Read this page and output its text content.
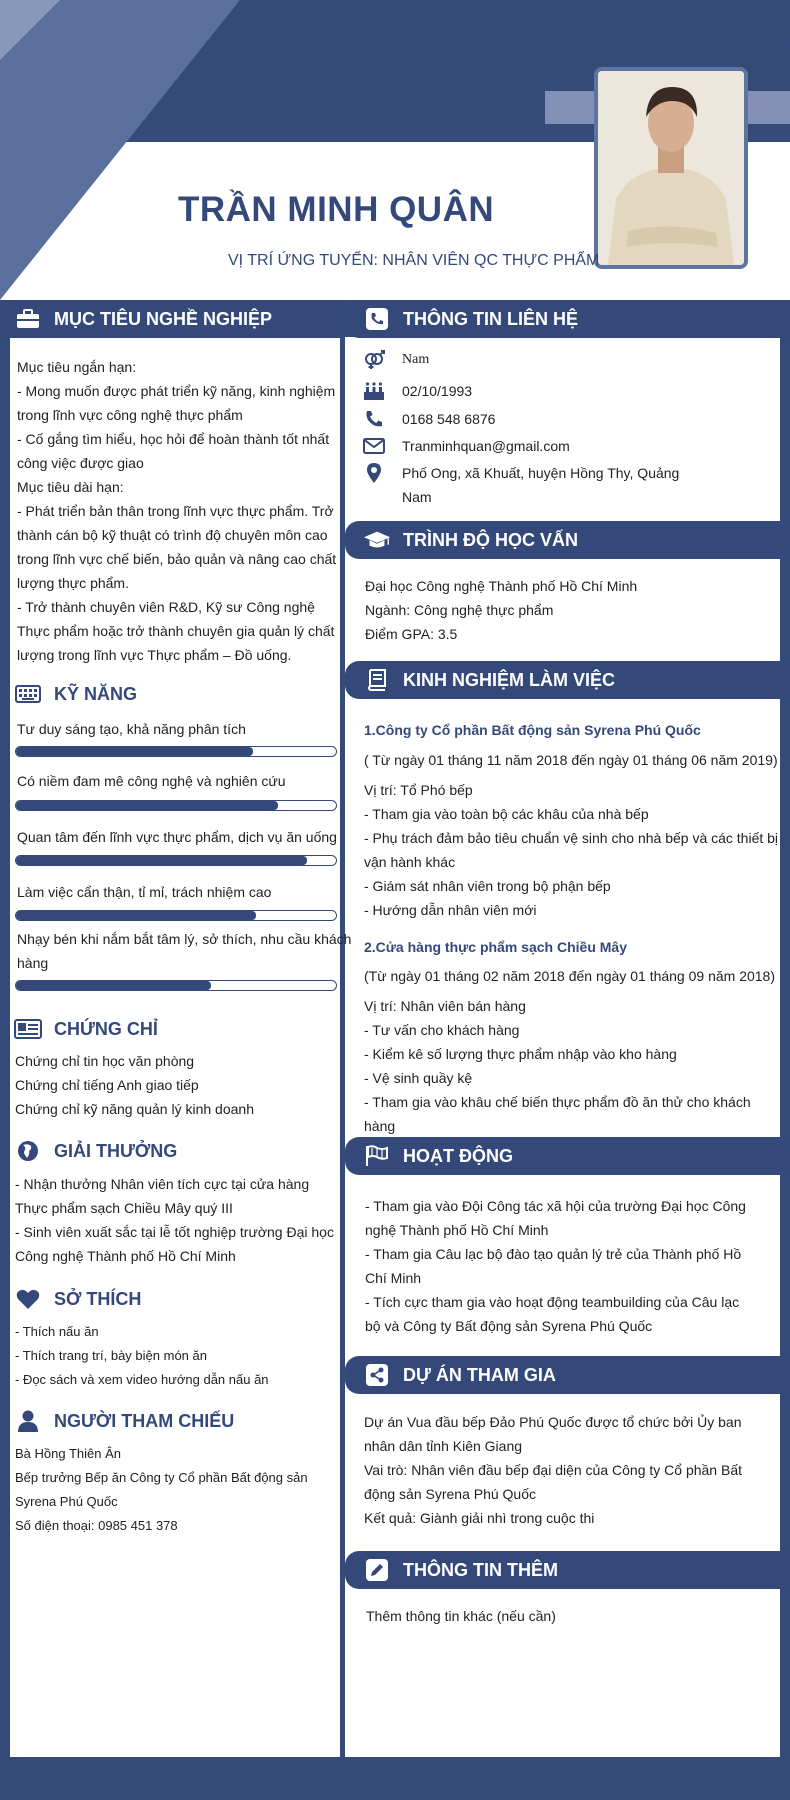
TRẦN MINH QUÂN
VỊ TRÍ ỨNG TUYỂN: NHÂN VIÊN QC THỰC PHẨM
MỤC TIÊU NGHỀ NGHIỆP

Mục tiêu ngắn hạn:

- Mong muốn được phát triển kỹ năng, kinh nghiệm trong lĩnh vực công nghệ thực phẩm

- Cố gắng tìm hiểu, học hỏi để hoàn thành tốt nhất công việc được giao

Mục tiêu dài hạn:

- Phát triển bản thân trong lĩnh vực thực phẩm. Trở thành cán bộ kỹ thuật có trình độ chuyên môn cao trong lĩnh vực chế biến, bảo quản và nâng cao chất lượng thực phẩm.

- Trở thành chuyên viên R&D, Kỹ sư Công nghệ Thực phẩm hoặc trở thành chuyên gia quản lý chất lượng trong lĩnh vực Thực phẩm – Đồ uống.

KỸ NĂNG
Tư duy sáng tạo, khả năng phân tích
Có niềm đam mê công nghệ và nghiên cứu
Quan tâm đến lĩnh vực thực phẩm, dịch vụ ăn uống
Làm việc cẩn thận, tỉ mỉ, trách nhiệm cao
Nhạy bén khi nắm bắt tâm lý, sở thích, nhu cầu khách hàng
CHỨNG CHỈ

Chứng chỉ tin học văn phòng

Chứng chỉ tiếng Anh giao tiếp

Chứng chỉ kỹ năng quản lý kinh doanh

GIẢI THƯỞNG

- Nhận thưởng Nhân viên tích cực tại cửa hàng Thực phẩm sạch Chiều Mây quý III

- Sinh viên xuất sắc tại lễ tốt nghiệp trường Đại học Công nghệ Thành phố Hồ Chí Minh

SỞ THÍCH

- Thích nấu ăn

- Thích trang trí, bày biện món ăn

- Đọc sách và xem video hướng dẫn nấu ăn

NGƯỜI THAM CHIẾU

Bà Hồng Thiên Ân

Bếp trưởng Bếp ăn Công ty Cổ phần Bất động sản Syrena Phú Quốc

Số điện thoại: 0985 451 378

THÔNG TIN LIÊN HỆ
Nam
02/10/1993
0168 548 6876
Tranminhquan@gmail.com
Phố Ong, xã Khuất, huyện Hồng Thy, Quảng Nam
TRÌNH ĐỘ HỌC VẤN

Đại học Công nghệ Thành phố Hồ Chí Minh

Ngành: Công nghệ thực phẩm

Điểm GPA: 3.5

KINH NGHIỆM LÀM VIỆC
1.Công ty Cổ phần Bất động sản Syrena Phú Quốc
( Từ ngày 01 tháng 11 năm 2018 đến ngày 01 tháng 06 năm 2019)

Vị trí: Tổ Phó bếp

- Tham gia vào toàn bộ các khâu của nhà bếp

- Phụ trách đảm bảo tiêu chuẩn vệ sinh cho nhà bếp và các thiết bị vận hành khác

- Giám sát nhân viên trong bộ phận bếp

- Hướng dẫn nhân viên mới

2.Cửa hàng thực phẩm sạch Chiều Mây
(Từ ngày 01 tháng 02 năm 2018 đến ngày 01 tháng 09 năm 2018)

Vị trí: Nhân viên bán hàng

- Tư vấn cho khách hàng

- Kiểm kê số lượng thực phẩm nhập vào kho hàng

- Vệ sinh quầy kệ

- Tham gia vào khâu chế biến thực phẩm đồ ăn thử cho khách hàng

HOẠT ĐỘNG

- Tham gia vào Đội Công tác xã hội của trường Đại học Công nghệ Thành phố Hồ Chí Minh

- Tham gia Câu lạc bộ đào tạo quản lý trẻ của Thành phố Hồ Chí Minh

- Tích cực tham gia vào hoạt động teambuilding của Câu lạc bộ và Công ty Bất động sản Syrena Phú Quốc

DỰ ÁN THAM GIA

Dự án Vua đầu bếp Đảo Phú Quốc được tổ chức bởi Ủy ban nhân dân tỉnh Kiên Giang

Vai trò: Nhân viên đầu bếp đại diện của Công ty Cổ phần Bất động sản Syrena Phú Quốc

Kết quả: Giành giải nhì trong cuộc thi

THÔNG TIN THÊM
Thêm thông tin khác (nếu cần)
